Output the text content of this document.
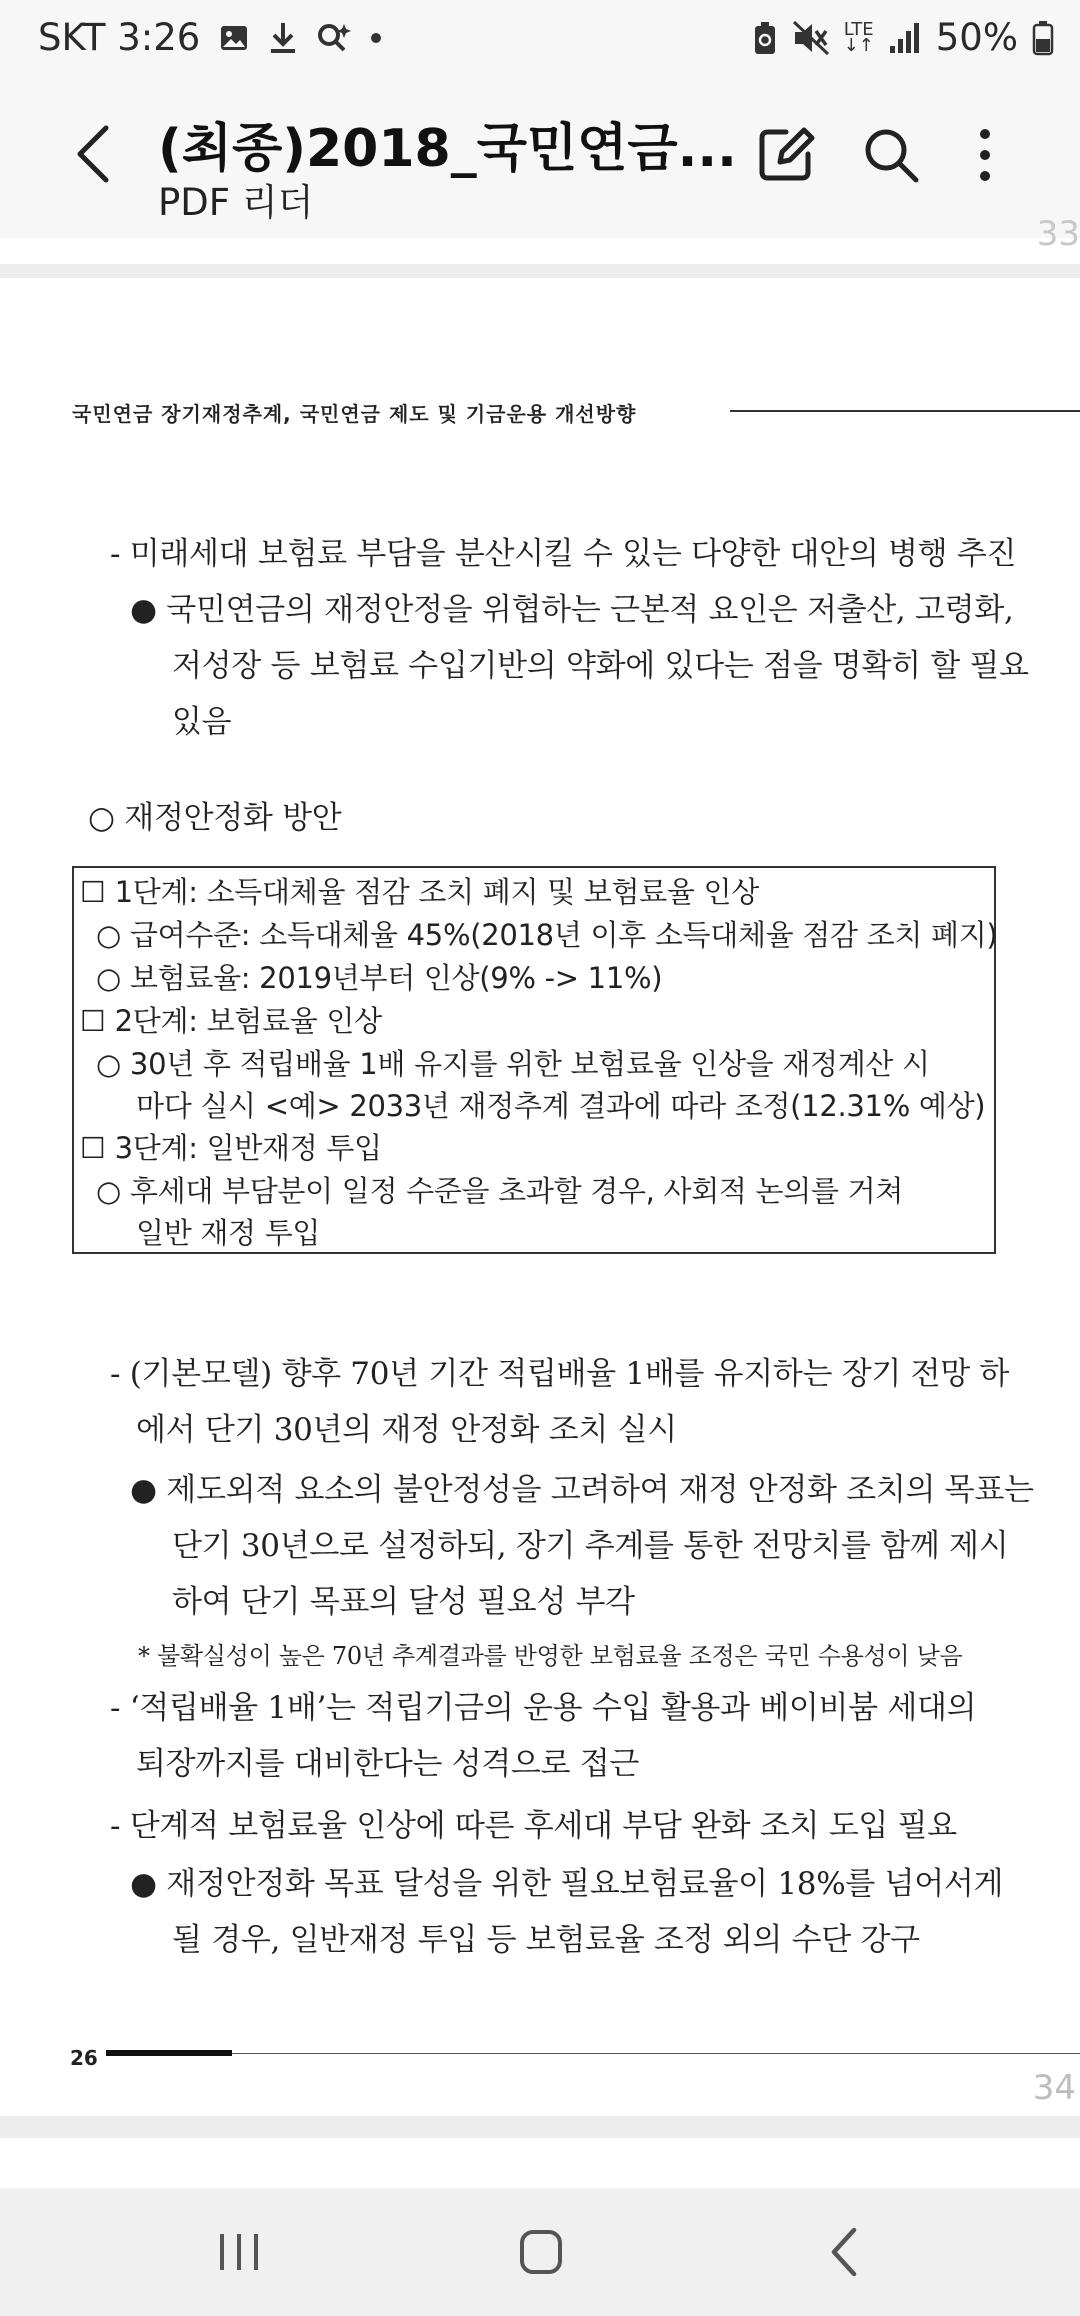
SKT 3:26	LTE
↓↑ 50%
(최종)2018_국민연금...
PDF 리더
33
국민연금 장기재정추계, 국민연금 제도 및 기금운용 개선방향
- 미래세대 보험료 부담을 분산시킬 수 있는 다양한 대안의 병행 추진
● 국민연금의 재정안정을 위협하는 근본적 요인은 저출산, 고령화,
저성장 등 보험료 수입기반의 약화에 있다는 점을 명확히 할 필요
있음
○ 재정안정화 방안
☐ 1단계: 소득대체율 점감 조치 폐지 및 보험료율 인상
○ 급여수준: 소득대체율 45%(2018년 이후 소득대체율 점감 조치 폐지)
○ 보험료율: 2019년부터 인상(9% -> 11%)
☐ 2단계: 보험료율 인상
○ 30년 후 적립배율 1배 유지를 위한 보험료율 인상을 재정계산 시
마다 실시 <예> 2033년 재정추계 결과에 따라 조정(12.31% 예상)
☐ 3단계: 일반재정 투입
○ 후세대 부담분이 일정 수준을 초과할 경우, 사회적 논의를 거쳐
일반 재정 투입
- (기본모델) 향후 70년 기간 적립배율 1배를 유지하는 장기 전망 하
에서 단기 30년의 재정 안정화 조치 실시
● 제도외적 요소의 불안정성을 고려하여 재정 안정화 조치의 목표는
단기 30년으로 설정하되, 장기 추계를 통한 전망치를 함께 제시
하여 단기 목표의 달성 필요성 부각
* 불확실성이 높은 70년 추계결과를 반영한 보험료율 조정은 국민 수용성이 낮음
- ‘적립배율 1배’는 적립기금의 운용 수입 활용과 베이비붐 세대의
퇴장까지를 대비한다는 성격으로 접근
- 단계적 보험료율 인상에 따른 후세대 부담 완화 조치 도입 필요
● 재정안정화 목표 달성을 위한 필요보험료율이 18%를 넘어서게
될 경우, 일반재정 투입 등 보험료율 조정 외의 수단 강구
26
34
